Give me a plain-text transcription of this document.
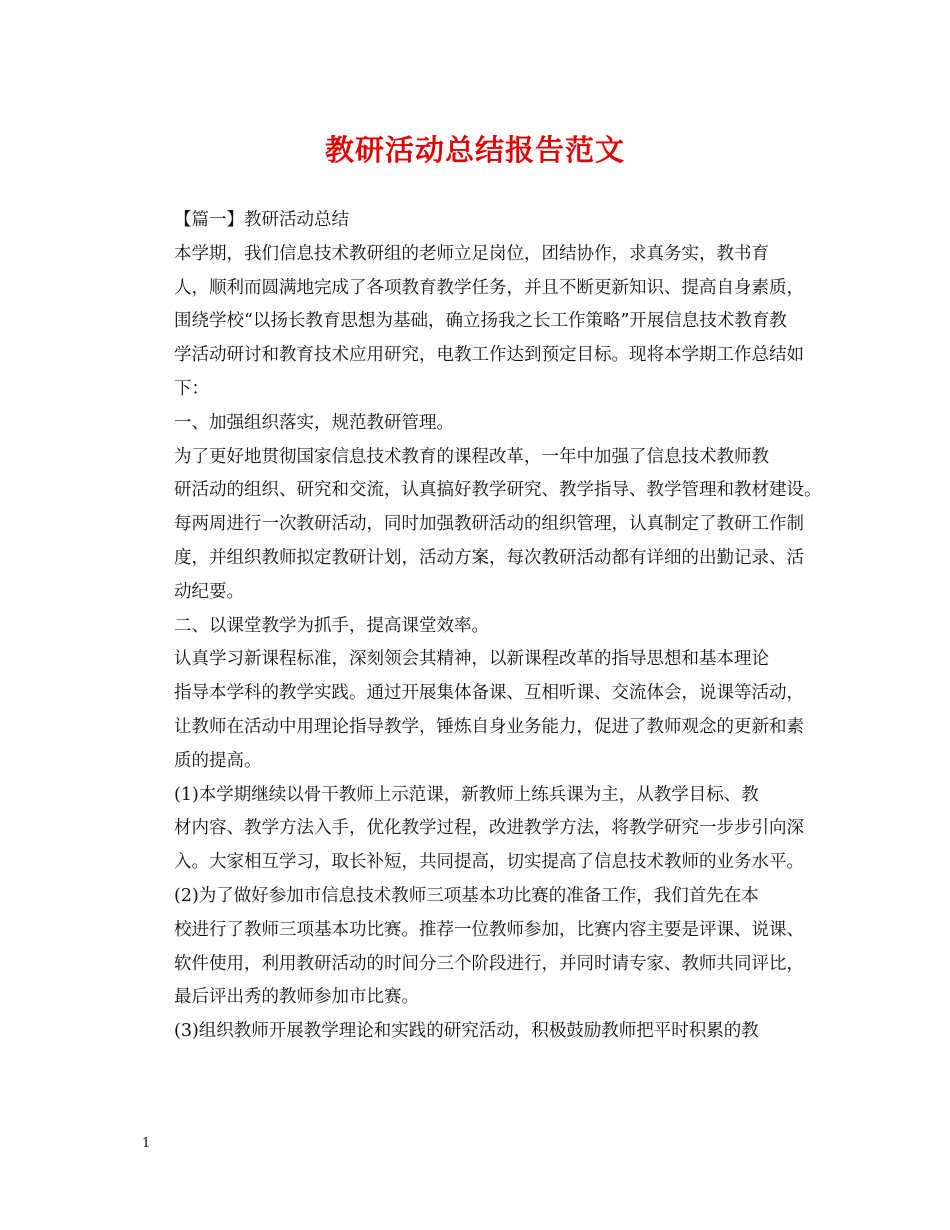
教研活动总结报告范文

【篇一】教研活动总结

本学期，我们信息技术教研组的老师立足岗位，团结协作，求真务实，教书育
人，顺利而圆满地完成了各项教育教学任务，并且不断更新知识、提高自身素质，
围绕学校“以扬长教育思想为基础，确立扬我之长工作策略”开展信息技术教育教
学活动研讨和教育技术应用研究，电教工作达到预定目标。现将本学期工作总结如
下：

一、加强组织落实，规范教研管理。

为了更好地贯彻国家信息技术教育的课程改革，一年中加强了信息技术教师教
研活动的组织、研究和交流，认真搞好教学研究、教学指导、教学管理和教材建设。
每两周进行一次教研活动，同时加强教研活动的组织管理，认真制定了教研工作制
度，并组织教师拟定教研计划，活动方案，每次教研活动都有详细的出勤记录、活
动纪要。

二、以课堂教学为抓手，提高课堂效率。

认真学习新课程标准，深刻领会其精神，以新课程改革的指导思想和基本理论
指导本学科的教学实践。通过开展集体备课、互相听课、交流体会，说课等活动，
让教师在活动中用理论指导教学，锤炼自身业务能力，促进了教师观念的更新和素
质的提高。

(1)本学期继续以骨干教师上示范课，新教师上练兵课为主，从教学目标、教
材内容、教学方法入手，优化教学过程，改进教学方法，将教学研究一步步引向深
入。大家相互学习，取长补短，共同提高，切实提高了信息技术教师的业务水平。

(2)为了做好参加市信息技术教师三项基本功比赛的准备工作，我们首先在本
校进行了教师三项基本功比赛。推荐一位教师参加，比赛内容主要是评课、说课、
软件使用，利用教研活动的时间分三个阶段进行，并同时请专家、教师共同评比，
最后评出秀的教师参加市比赛。

(3)组织教师开展教学理论和实践的研究活动，积极鼓励教师把平时积累的教

1
